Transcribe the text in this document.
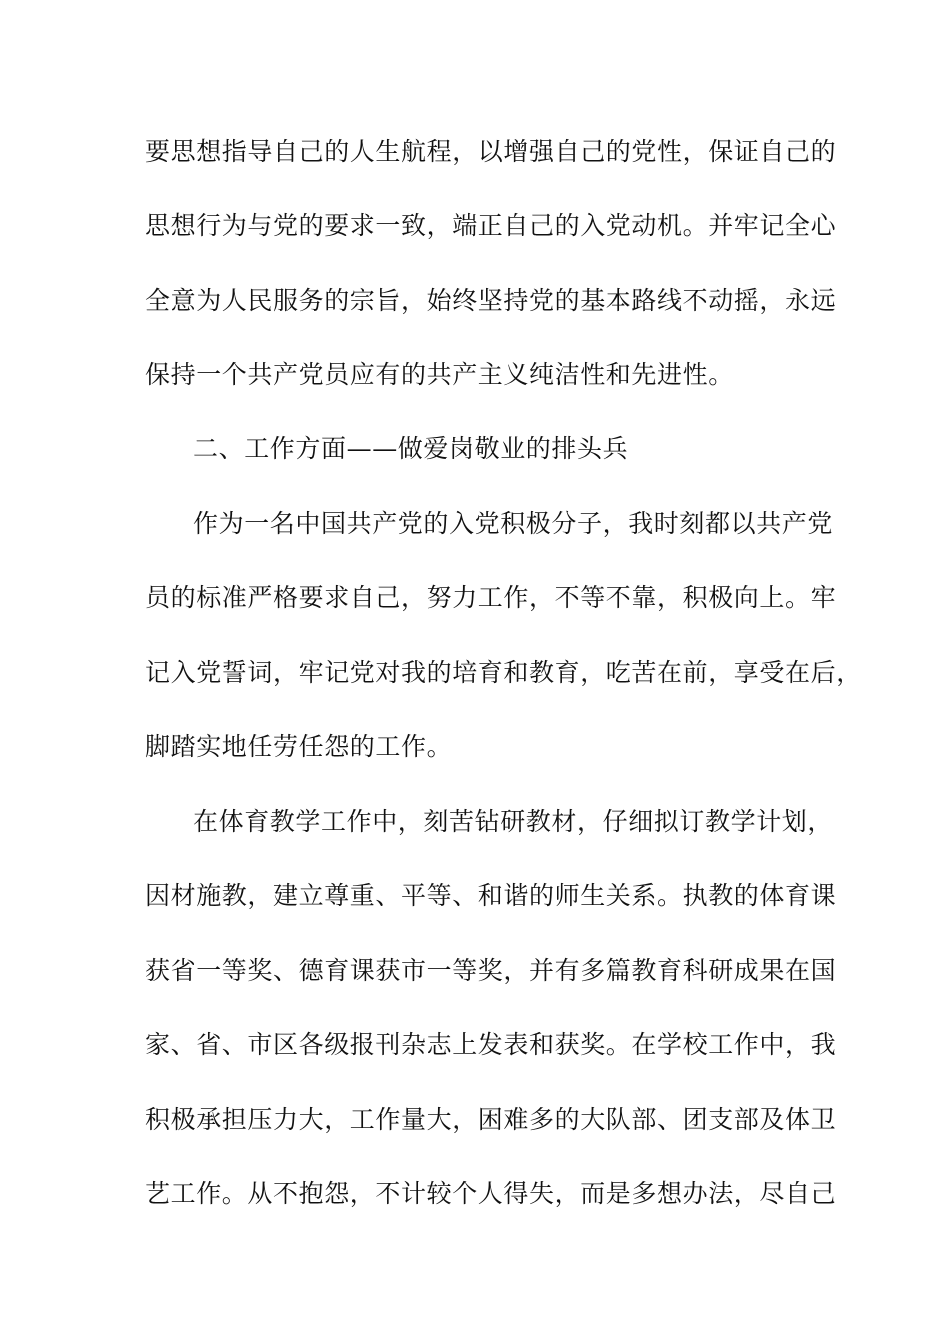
要思想指导自己的人生航程，以增强自己的党性，保证自己的
思想行为与党的要求一致，端正自己的入党动机。并牢记全心
全意为人民服务的宗旨，始终坚持党的基本路线不动摇，永远
保持一个共产党员应有的共产主义纯洁性和先进性。
二、工作方面——做爱岗敬业的排头兵
作为一名中国共产党的入党积极分子，我时刻都以共产党
员的标准严格要求自己，努力工作，不等不靠，积极向上。牢
记入党誓词，牢记党对我的培育和教育，吃苦在前，享受在后，
脚踏实地任劳任怨的工作。
在体育教学工作中，刻苦钻研教材，仔细拟订教学计划，
因材施教，建立尊重、平等、和谐的师生关系。执教的体育课
获省一等奖、德育课获市一等奖，并有多篇教育科研成果在国
家、省、市区各级报刊杂志上发表和获奖。在学校工作中，我
积极承担压力大，工作量大，困难多的大队部、团支部及体卫
艺工作。从不抱怨，不计较个人得失，而是多想办法，尽自己
